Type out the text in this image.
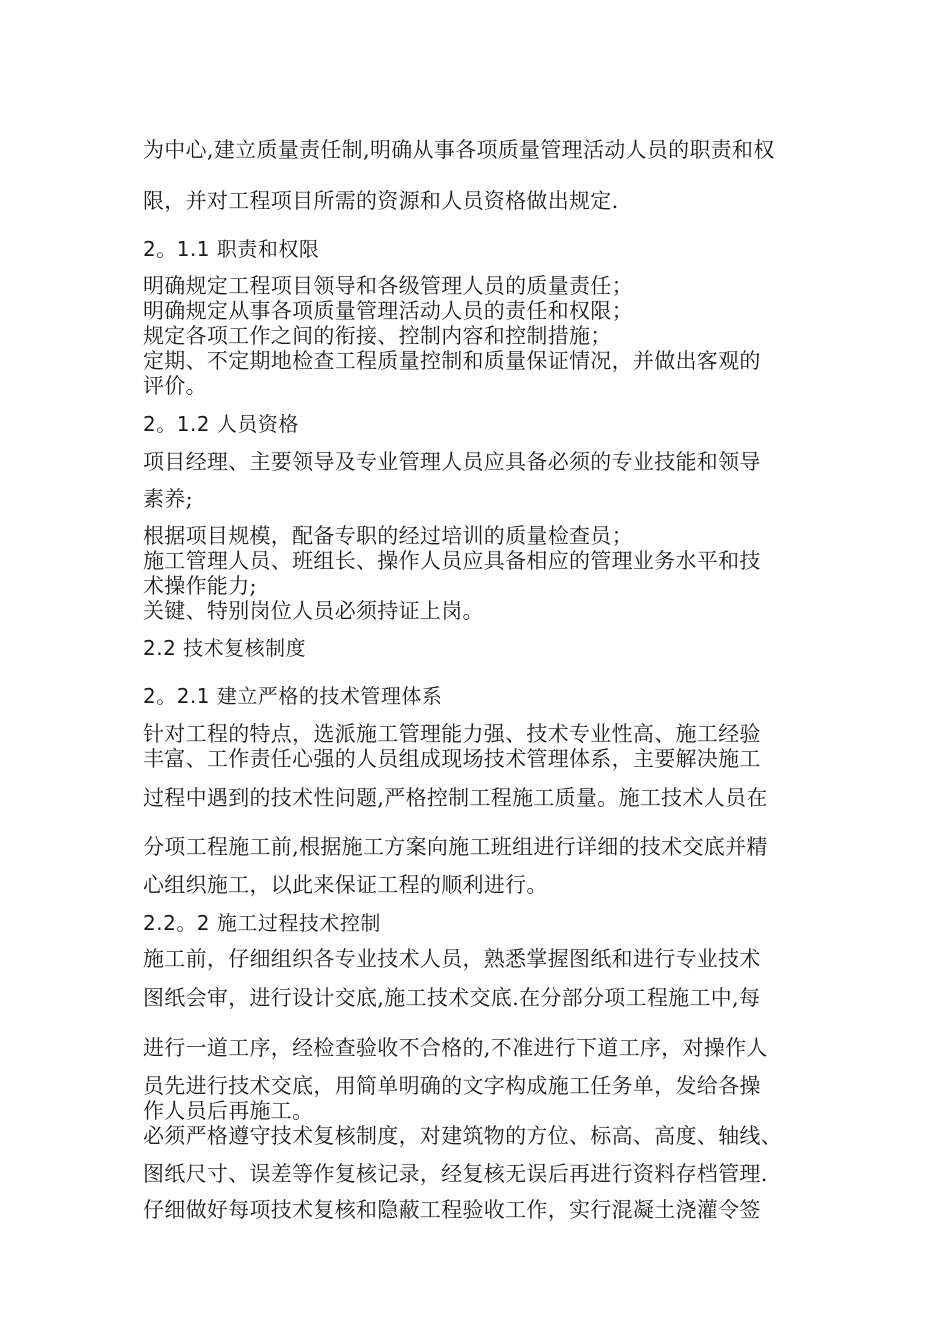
为中心,建立质量责任制,明确从事各项质量管理活动人员的职责和权
限，并对工程项目所需的资源和人员资格做出规定.
2。1.1 职责和权限
明确规定工程项目领导和各级管理人员的质量责任；
明确规定从事各项质量管理活动人员的责任和权限；
规定各项工作之间的衔接、控制内容和控制措施；
定期、不定期地检查工程质量控制和质量保证情况，并做出客观的
评价。
2。1.2 人员资格
项目经理、主要领导及专业管理人员应具备必须的专业技能和领导
素养;
根据项目规模，配备专职的经过培训的质量检查员；
施工管理人员、班组长、操作人员应具备相应的管理业务水平和技
术操作能力;
关键、特别岗位人员必须持证上岗。
2.2 技术复核制度
2。2.1 建立严格的技术管理体系
针对工程的特点，选派施工管理能力强、技术专业性高、施工经验
丰富、工作责任心强的人员组成现场技术管理体系，主要解决施工
过程中遇到的技术性问题,严格控制工程施工质量。施工技术人员在
分项工程施工前,根据施工方案向施工班组进行详细的技术交底并精
心组织施工，以此来保证工程的顺利进行。
2.2。2 施工过程技术控制
施工前，仔细组织各专业技术人员，熟悉掌握图纸和进行专业技术
图纸会审，进行设计交底,施工技术交底.在分部分项工程施工中,每
进行一道工序，经检查验收不合格的,不准进行下道工序，对操作人
员先进行技术交底，用简单明确的文字构成施工任务单，发给各操
作人员后再施工。
必须严格遵守技术复核制度，对建筑物的方位、标高、高度、轴线、
图纸尺寸、误差等作复核记录，经复核无误后再进行资料存档管理.
仔细做好每项技术复核和隐蔽工程验收工作，实行混凝土浇灌令签
